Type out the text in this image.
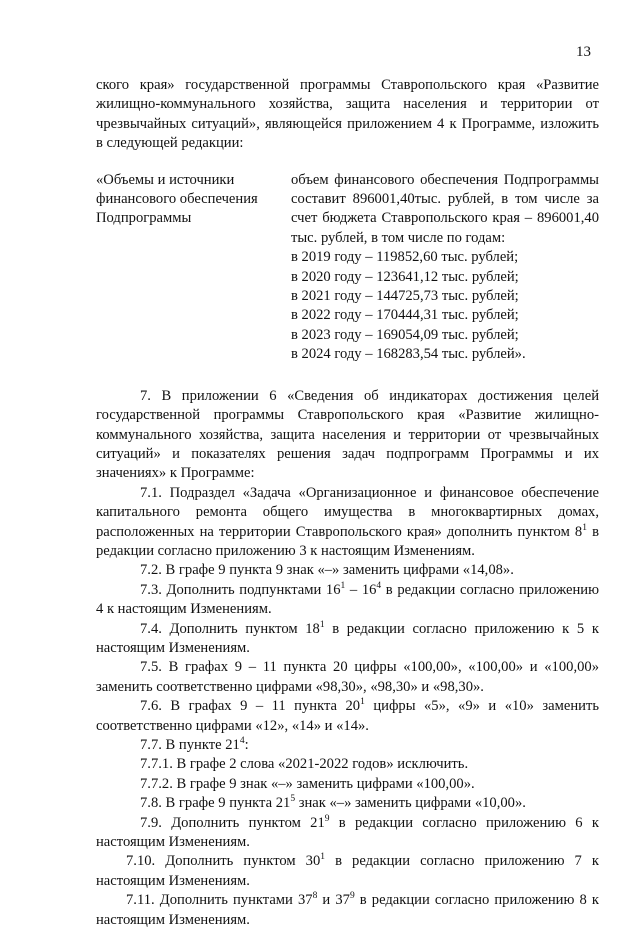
13

ского края» государственной программы Ставропольского края «Развитие жилищно-коммунального хозяйства, защита населения и территории от чрезвычайных ситуаций», являющейся приложением 4 к Программе, изложить в следующей редакции:

«Объемы и источники финансового обеспечения Подпрограммы

объем финансового обеспечения Подпрограммы составит 896001,40тыс. рублей, в том числе за счет бюджета Ставропольского края – 896001,40 тыс. рублей, в том числе по годам:

в 2019 году – 119852,60 тыс. рублей;
в 2020 году – 123641,12 тыс. рублей;
в 2021 году – 144725,73 тыс. рублей;
в 2022 году – 170444,31 тыс. рублей;
в 2023 году – 169054,09 тыс. рублей;
в 2024 году – 168283,54 тыс. рублей».

7. В приложении 6 «Сведения об индикаторах достижения целей государственной программы Ставропольского края «Развитие жилищно-коммунального хозяйства, защита населения и территории от чрезвычайных ситуаций» и показателях решения задач подпрограмм Программы и их значениях» к Программе:

7.1. Подраздел «Задача «Организационное и финансовое обеспечение капитального ремонта общего имущества в многоквартирных домах, расположенных на территории Ставропольского края» дополнить пунктом $8^1$ в редакции согласно приложению 3 к настоящим Изменениям.

7.2. В графе 9 пункта 9 знак «–» заменить цифрами «14,08».

7.3. Дополнить подпунктами $16^1 - 16^4$ в редакции согласно приложению 4 к настоящим Изменениям.

7.4. Дополнить пунктом $18^1$ в редакции согласно приложению к 5 к настоящим Изменениям.

7.5. В графах 9 – 11 пункта 20 цифры «100,00», «100,00» и «100,00» заменить соответственно цифрами «98,30», «98,30» и «98,30».

7.6. В графах 9 – 11 пункта $20^1$ цифры «5», «9» и «10» заменить соответственно цифрами «12», «14» и «14».

7.7. В пункте $21^4$:

7.7.1. В графе 2 слова «2021-2022 годов» исключить.

7.7.2. В графе 9 знак «–» заменить цифрами «100,00».

7.8. В графе 9 пункта $21^5$ знак «–» заменить цифрами «10,00».

7.9. Дополнить пунктом $21^9$ в редакции согласно приложению 6 к настоящим Изменениям.

7.10. Дополнить пунктом $30^1$ в редакции согласно приложению 7 к настоящим Изменениям.

7.11. Дополнить пунктами $37^8$ и $37^9$ в редакции согласно приложению 8 к настоящим Изменениям.
